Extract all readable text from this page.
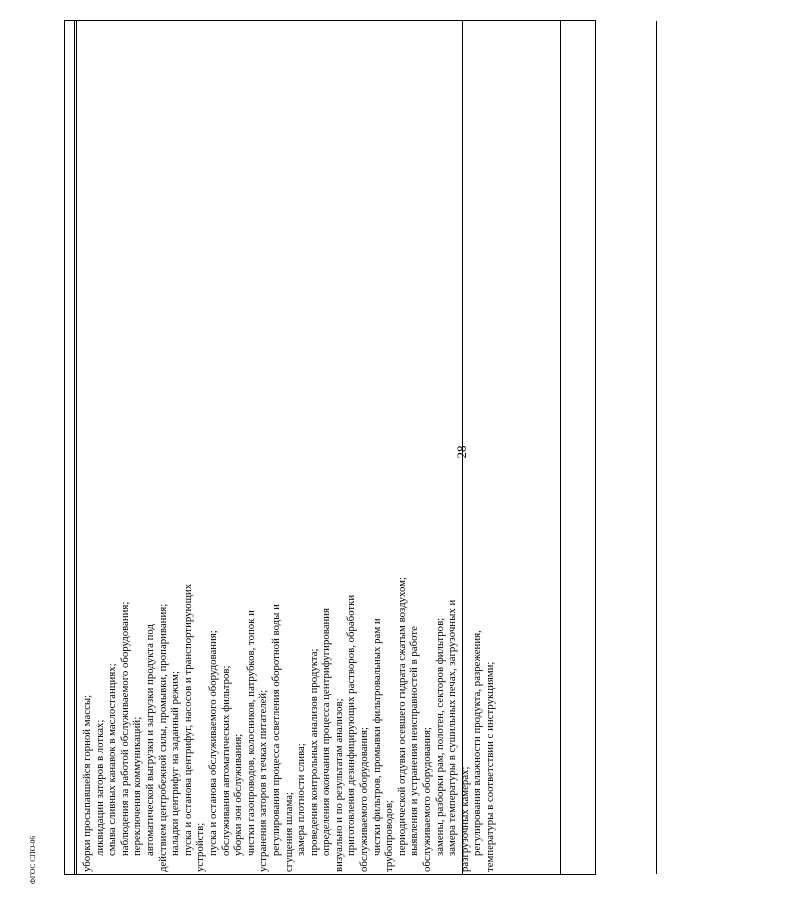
28
уборки просыпавшейся горной массы; ликвидации заторов в лотках; смыва сливных канавок в маслостанциях; наблюдения за работой обслуживаемого оборудования; переключения коммуникаций; автоматической выгрузки и загрузки продукта под действием центробежной силы, промывки, пропаривания; наладки центрифуг на заданный режим; пуска и останова центрифуг, насосов и транспортирующих устройств; пуска и останова обслуживаемого оборудования; обслуживания автоматических фильтров; уборки зон обслуживания; чистки газопроводов, колосников, патрубков, топок и устранения заторов в течках питателей; регулирования процесса осветления оборотной воды и сгущения шлама; замера плотности слива; проведения контрольных анализов продукта; определения окончания процесса центрифугирования визуально и по результатам анализов; приготовления дезинфицирующих растворов, обработки обслуживаемого оборудования; чистки фильтров, промывки фильтровальных рам и трубопроводов; периодической отдувки осевшего гидрата сжатым воздухом; выявления и устранения неисправностей в работе обслуживаемого оборудования; замены, разборки рам, полотен, секторов фильтров; замера температуры в сушильных печах, загрузочных и разгрузочных камерах; регулирования влажности продукта, разрежения, температуры в соответствии с инструкциями;
ФГОС СПО-06
